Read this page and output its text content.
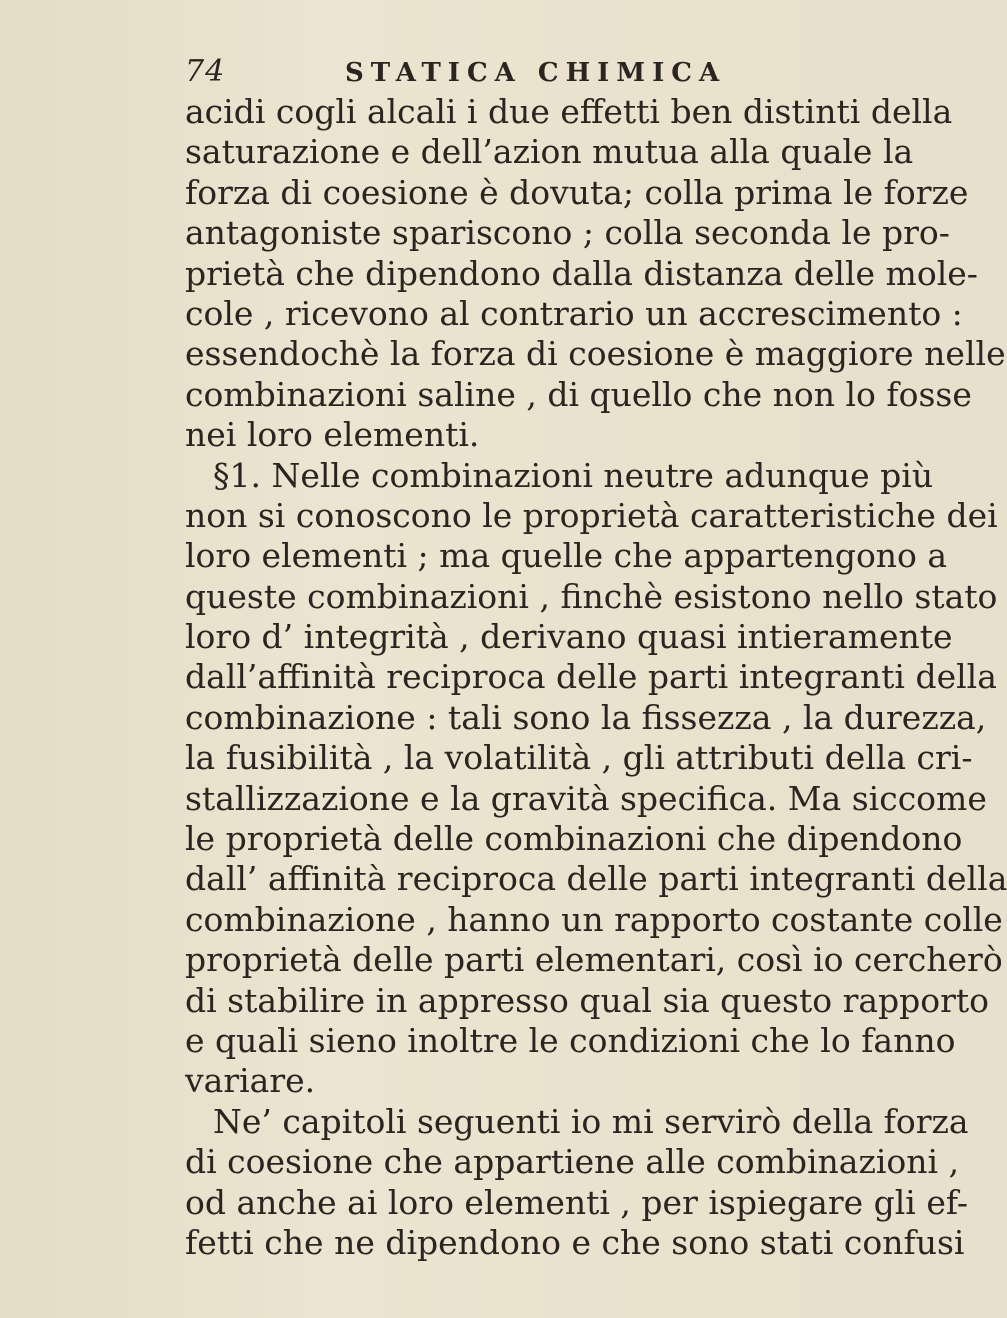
74	STATICA CHIMICA
acidi cogli alcali i due effetti ben distinti della
saturazione e dell’azion mutua alla quale la
forza di coesione è dovuta; colla prima le forze
antagoniste spariscono ; colla seconda le pro-
prietà che dipendono dalla distanza delle mole-
cole , ricevono al contrario un accrescimento :
essendochè la forza di coesione è maggiore nelle
combinazioni saline , di quello che non lo fosse
nei loro elementi.
§1. Nelle combinazioni neutre adunque più
non si conoscono le proprietà caratteristiche dei
loro elementi ; ma quelle che appartengono a
queste combinazioni , finchè esistono nello stato
loro d’ integrità , derivano quasi intieramente
dall’affinità reciproca delle parti integranti della
combinazione : tali sono la fissezza , la durezza,
la fusibilità , la volatilità , gli attributi della cri-
stallizzazione e la gravità specifica. Ma siccome
le proprietà delle combinazioni che dipendono
dall’ affinità reciproca delle parti integranti della
combinazione , hanno un rapporto costante colle
proprietà delle parti elementari, così io cercherò
di stabilire in appresso qual sia questo rapporto
e quali sieno inoltre le condizioni che lo fanno
variare.
Ne’ capitoli seguenti io mi servirò della forza
di coesione che appartiene alle combinazioni ,
od anche ai loro elementi , per ispiegare gli ef-
fetti che ne dipendono e che sono stati confusi
